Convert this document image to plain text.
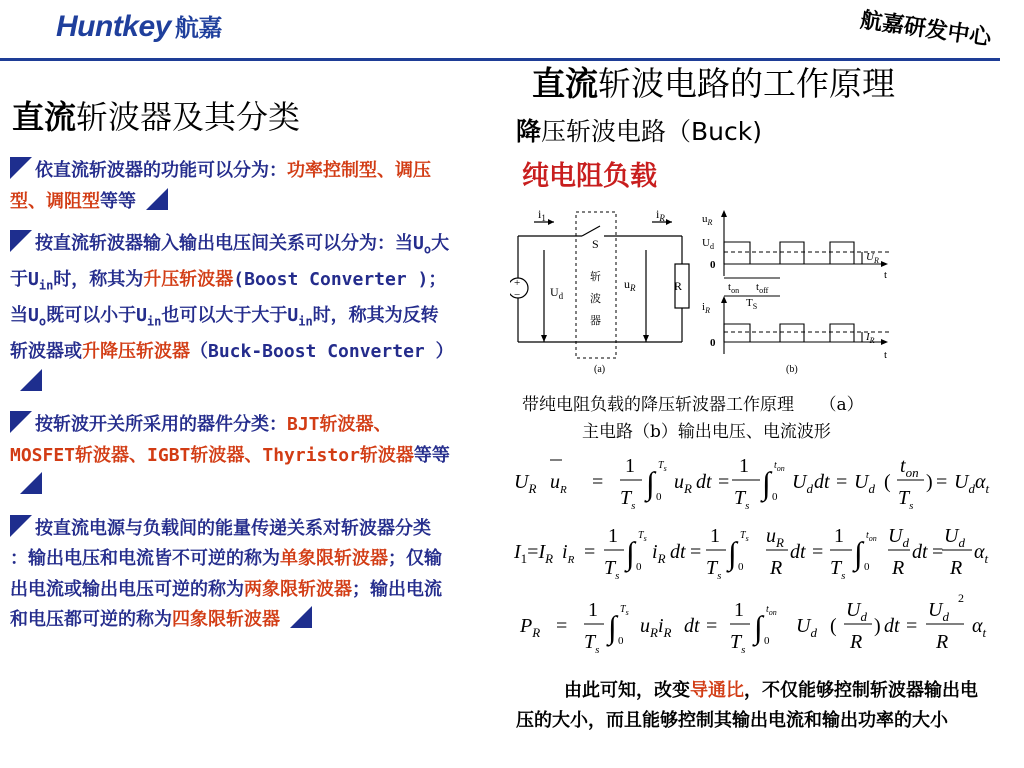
Huntkey 航嘉	航嘉研发中心
直流斩波器及其分类
依直流斩波器的功能可以分为：功率控制型、调压型、调阻型等等
按直流斩波器输入输出电压间关系可以分为：当$U_o$大于$U_{in}$时，称其为升压斩波器(Boost Converter )；当$U_o$既可以小于$U_{in}$也可以大于大于$U_{in}$时，称其为反转斩波器或升降压斩波器（Buck-Boost Converter ）
按斩波开关所采用的器件分类：BJT斩波器、MOSFET斩波器、IGBT斩波器、Thyristor斩波器等等
按直流电源与负载间的能量传递关系对斩波器分类 ：输出电压和电流皆不可逆的称为单象限斩波器；仅输出电流或输出电压可逆的称为两象限斩波器；输出电流和电压都可逆的称为四象限斩波器
直流斩波电路的工作原理
降压斩波电路（Buck)
纯电阻负载
+
−
$i_1$	$i_R$
S
斩
波
器
$U_d$
$u_R$	R
(a)
$u_R$
$U_d$
0
$U_R$
t
$t_{on}$ $t_{off}$
$T_S$
$i_R$
0	$I_R$
t
(b)
带纯电阻负载的降压斩波器工作原理　　（a）
主电路（b）输出电压、电流波形
$U_R$ $u_R$ =
1
$T_s$
∫ $T_s$
0
$u_R$ dt =
1
$T_s$
∫ $t_{on}$
0
$U_d$ dt = $U_d$ (
$t_{on}$
$T_s$
) = $U_d\alpha_t$
$I_1=I_R$ =
$i_R$
1
$T_s$
∫ $T_s$
0
$i_R$ dt =
1
$T_s$
∫ $T_s$
0
$u_R$
R
dt =
1
$T_s$
∫ $t_{on}$
0
$U_d$
R
dt =
$U_d$
R
$\alpha_t$
$P_R$ =
1
$T_s$
∫ $T_s$
0
$u_Ri_R$ dt =
1
$T_s$
∫ $t_{on}$
0
$U_d$ (
$U_d$
R
) dt =
$U_d$
2
R
$\alpha_t$
由此可知，改变导通比，不仅能够控制斩波器输出电压的大小，而且能够控制其输出电流和输出功率的大小
